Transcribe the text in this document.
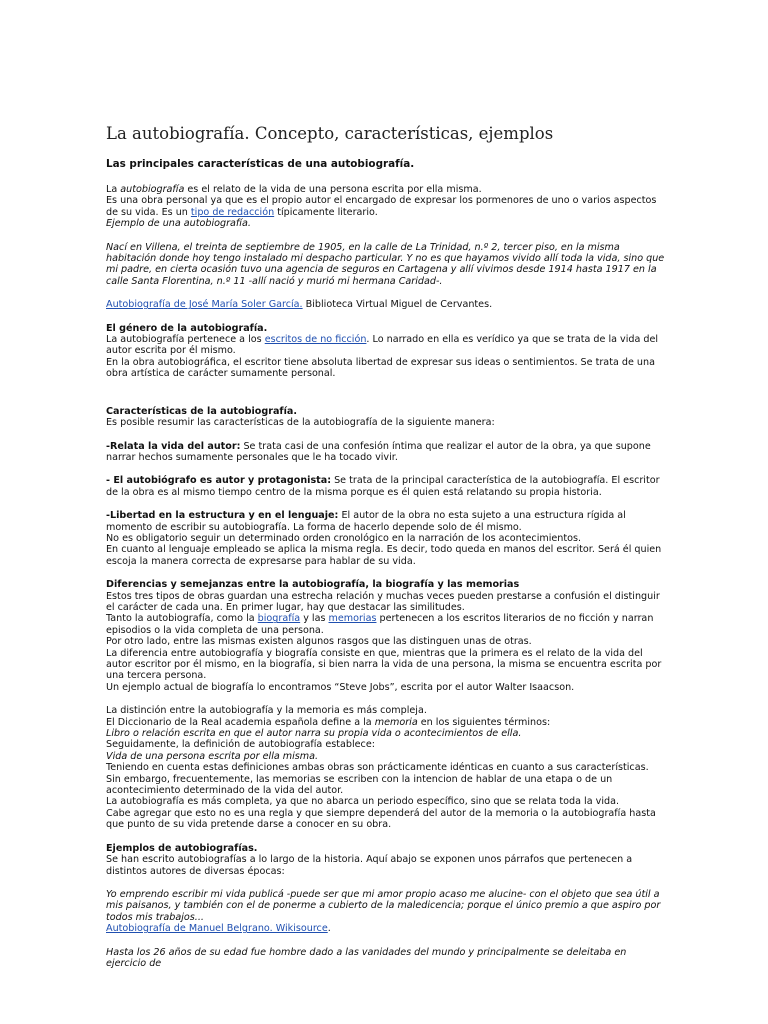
La autobiografía. Concepto, características, ejemplos
Las principales características de una autobiografía.

La autobiografía es el relato de la vida de una persona escrita por ella misma.

Es una obra personal ya que es el propio autor el encargado de expresar los pormenores de uno o varios aspectos de su vida. Es un tipo de redacción típicamente literario.

Ejemplo de una autobiografía.

Nací en Villena, el treinta de septiembre de 1905, en la calle de La Trinidad, n.º 2, tercer piso, en la misma habitación donde hoy tengo instalado mi despacho particular. Y no es que hayamos vivido allí toda la vida, sino que mi padre, en cierta ocasión tuvo una agencia de seguros en Cartagena y allí vivimos desde 1914 hasta 1917 en la calle Santa Florentina, n.º 11 -allí nació y murió mi hermana Caridad-.

Autobiografía de José María Soler García. Biblioteca Virtual Miguel de Cervantes.

El género de la autobiografía.

La autobiografía pertenece a los escritos de no ficción. Lo narrado en ella es verídico ya que se trata de la vida del autor escrita por él mismo.

En la obra autobiográfica, el escritor tiene absoluta libertad de expresar sus ideas o sentimientos. Se trata de una obra artística de carácter sumamente personal.

Características de la autobiografía.

Es posible resumir las características de la autobiografía de la siguiente manera:

-Relata la vida del autor: Se trata casi de una confesión íntima que realizar el autor de la obra, ya que supone narrar hechos sumamente personales que le ha tocado vivir.

- El autobiógrafo es autor y protagonista: Se trata de la principal característica de la autobiografía. El escritor de la obra es al mismo tiempo centro de la misma porque es él quien está relatando su propia historia.

-Libertad en la estructura y en el lenguaje: El autor de la obra no esta sujeto a una estructura rígida al momento de escribir su autobiografía. La forma de hacerlo depende solo de él mismo.

No es obligatorio seguir un determinado orden cronológico en la narración de los acontecimientos.

En cuanto al lenguaje empleado se aplica la misma regla. Es decir, todo queda en manos del escritor. Será él quien escoja la manera correcta de expresarse para hablar de su vida.

Diferencias y semejanzas entre la autobiografía, la biografía y las memorias

Estos tres tipos de obras guardan una estrecha relación y muchas veces pueden prestarse a confusión el distinguir el carácter de cada una. En primer lugar, hay que destacar las similitudes.

Tanto la autobiografía, como la biografía y las memorias pertenecen a los escritos literarios de no ficción y narran episodios o la vida completa de una persona.

Por otro lado, entre las mismas existen algunos rasgos que las distinguen unas de otras.

La diferencia entre autobiografía y biografía consiste en que, mientras que la primera es el relato de la vida del autor escritor por él mismo, en la biografía, si bien narra la vida de una persona, la misma se encuentra escrita por una tercera persona.

Un ejemplo actual de biografía lo encontramos “Steve Jobs”, escrita por el autor Walter Isaacson.

La distinción entre la autobiografía y la memoria es más compleja.

El Diccionario de la Real academia española define a la memoria en los siguientes términos:

Libro o relación escrita en que el autor narra su propia vida o acontecimientos de ella.

Seguidamente, la definición de autobiografía establece:

Vida de una persona escrita por ella misma.

Teniendo en cuenta estas definiciones ambas obras son prácticamente idénticas en cuanto a sus características.

Sin embargo, frecuentemente, las memorias se escriben con la intencion de hablar de una etapa o de un acontecimiento determinado de la vida del autor.

La autobiografía es más completa, ya que no abarca un periodo específico, sino que se relata toda la vida.

Cabe agregar que esto no es una regla y que siempre dependerá del autor de la memoria o la autobiografía hasta que punto de su vida pretende darse a conocer en su obra.

Ejemplos de autobiografías.

Se han escrito autobiografías a lo largo de la historia. Aquí abajo se exponen unos párrafos que pertenecen a distintos autores de diversas épocas:

Yo emprendo escribir mi vida publicá -puede ser que mi amor propio acaso me alucine- con el objeto que sea útil a mis paisanos, y también con el de ponerme a cubierto de la maledicencia; porque el único premio a que aspiro por todos mis trabajos...

Autobiografía de Manuel Belgrano. Wikisource.

Hasta los 26 años de su edad fue hombre dado a las vanidades del mundo y principalmente se deleitaba en ejercicio de
